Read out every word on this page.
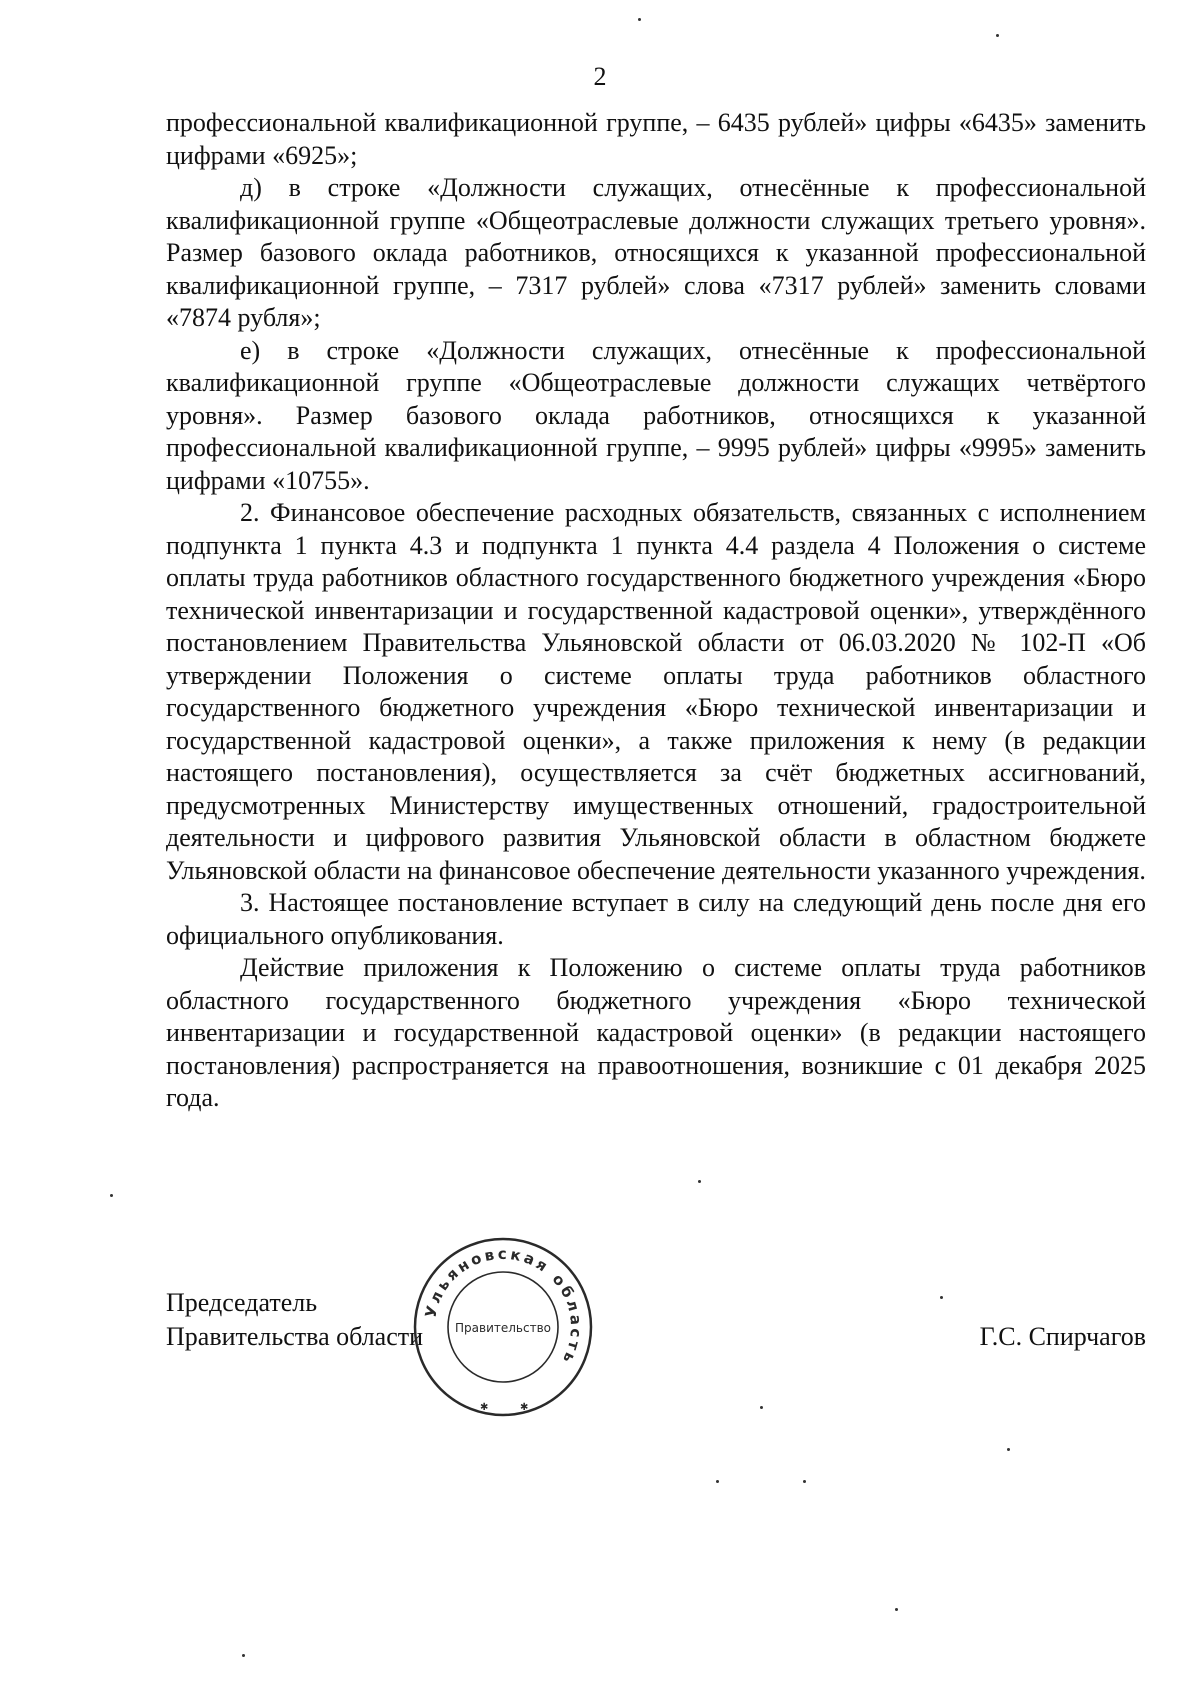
2

профессиональной квалификационной группе, – 6435 рублей» цифры «6435» заменить цифрами «6925»;

д) в строке «Должности служащих, отнесённые к профессиональной квалификационной группе «Общеотраслевые должности служащих третьего уровня». Размер базового оклада работников, относящихся к указанной профессиональной квалификационной группе, – 7317 рублей» слова «7317 рублей» заменить словами «7874 рубля»;

е) в строке «Должности служащих, отнесённые к профессиональной квалификационной группе «Общеотраслевые должности служащих четвёртого уровня». Размер базового оклада работников, относящихся к указанной профессиональной квалификационной группе, – 9995 рублей» цифры «9995» заменить цифрами «10755».

2. Финансовое обеспечение расходных обязательств, связанных с исполнением подпункта 1 пункта 4.3 и подпункта 1 пункта 4.4 раздела 4 Положения о системе оплаты труда работников областного государственного бюджетного учреждения «Бюро технической инвентаризации и государственной кадастровой оценки», утверждённого постановлением Правительства Ульяновской области от 06.03.2020 № 102-П «Об утверждении Положения о системе оплаты труда работников областного государственного бюджетного учреждения «Бюро технической инвентаризации и государственной кадастровой оценки», а также приложения к нему (в редакции настоящего постановления), осуществляется за счёт бюджетных ассигнований, предусмотренных Министерству имущественных отношений, градостроительной деятельности и цифрового развития Ульяновской области в областном бюджете Ульяновской области на финансовое обеспечение деятельности указанного учреждения.

3. Настоящее постановление вступает в силу на следующий день после дня его официального опубликования.

Действие приложения к Положению о системе оплаты труда работников областного государственного бюджетного учреждения «Бюро технической инвентаризации и государственной кадастровой оценки» (в редакции настоящего постановления) распространяется на правоотношения, возникшие с 01 декабря 2025 года.

Председатель
Правительства области	Г.С. Спирчагов
Ульяновская область
Правительство
✱	✱
